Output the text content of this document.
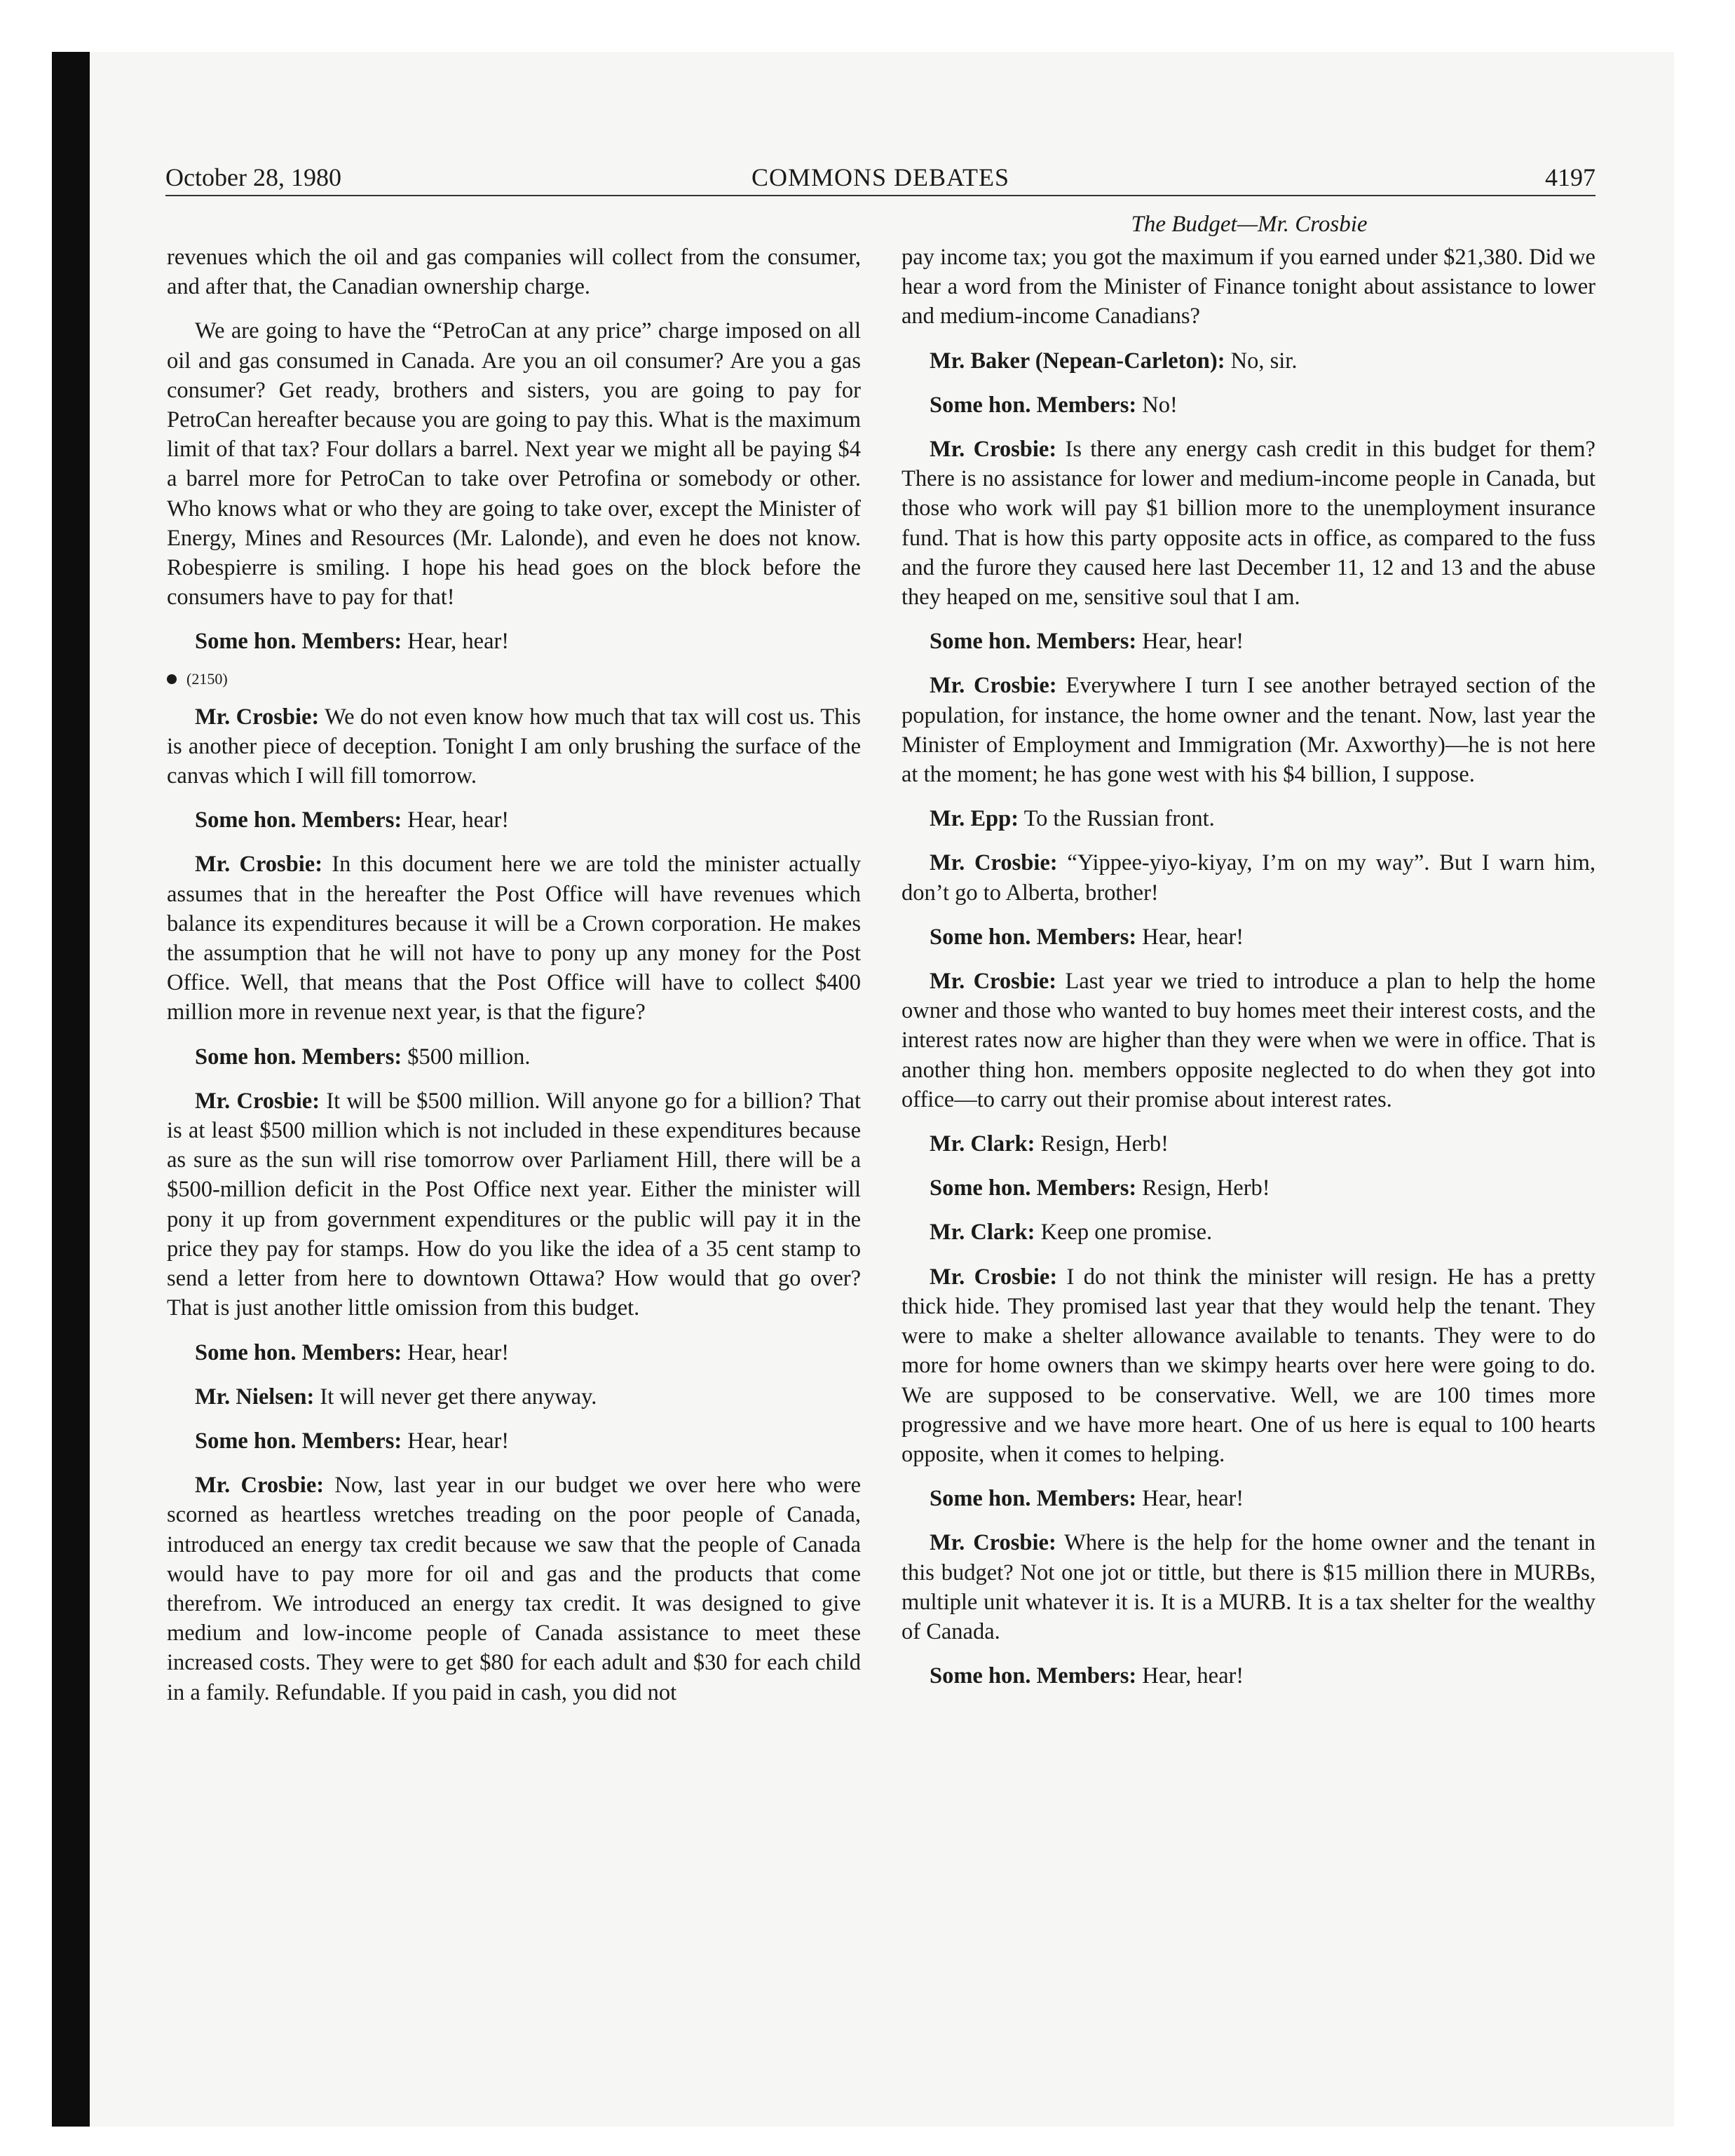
October 28, 1980	COMMONS DEBATES	4197
The Budget—Mr. Crosbie

revenues which the oil and gas companies will collect from the consumer, and after that, the Canadian ownership charge.

We are going to have the “PetroCan at any price” charge imposed on all oil and gas consumed in Canada. Are you an oil consumer? Are you a gas consumer? Get ready, brothers and sisters, you are going to pay for PetroCan hereafter because you are going to pay this. What is the maximum limit of that tax? Four dollars a barrel. Next year we might all be paying $4 a barrel more for PetroCan to take over Petrofina or somebody or other. Who knows what or who they are going to take over, except the Minister of Energy, Mines and Resources (Mr. Lalonde), and even he does not know. Robespierre is smiling. I hope his head goes on the block before the consumers have to pay for that!

Some hon. Members: Hear, hear!

(2150)

Mr. Crosbie: We do not even know how much that tax will cost us. This is another piece of deception. Tonight I am only brushing the surface of the canvas which I will fill tomorrow.

Some hon. Members: Hear, hear!

Mr. Crosbie: In this document here we are told the minister actually assumes that in the hereafter the Post Office will have revenues which balance its expenditures because it will be a Crown corporation. He makes the assumption that he will not have to pony up any money for the Post Office. Well, that means that the Post Office will have to collect $400 million more in revenue next year, is that the figure?

Some hon. Members: $500 million.

Mr. Crosbie: It will be $500 million. Will anyone go for a billion? That is at least $500 million which is not included in these expenditures because as sure as the sun will rise tomorrow over Parliament Hill, there will be a $500-million deficit in the Post Office next year. Either the minister will pony it up from government expenditures or the public will pay it in the price they pay for stamps. How do you like the idea of a 35 cent stamp to send a letter from here to downtown Ottawa? How would that go over? That is just another little omission from this budget.

Some hon. Members: Hear, hear!

Mr. Nielsen: It will never get there anyway.

Some hon. Members: Hear, hear!

Mr. Crosbie: Now, last year in our budget we over here who were scorned as heartless wretches treading on the poor people of Canada, introduced an energy tax credit because we saw that the people of Canada would have to pay more for oil and gas and the products that come therefrom. We introduced an energy tax credit. It was designed to give medium and low-income people of Canada assistance to meet these increased costs. They were to get $80 for each adult and $30 for each child in a family. Refundable. If you paid in cash, you did not

pay income tax; you got the maximum if you earned under $21,380. Did we hear a word from the Minister of Finance tonight about assistance to lower and medium-income Canadians?

Mr. Baker (Nepean-Carleton): No, sir.

Some hon. Members: No!

Mr. Crosbie: Is there any energy cash credit in this budget for them? There is no assistance for lower and medium-income people in Canada, but those who work will pay $1 billion more to the unemployment insurance fund. That is how this party opposite acts in office, as compared to the fuss and the furore they caused here last December 11, 12 and 13 and the abuse they heaped on me, sensitive soul that I am.

Some hon. Members: Hear, hear!

Mr. Crosbie: Everywhere I turn I see another betrayed section of the population, for instance, the home owner and the tenant. Now, last year the Minister of Employment and Immigration (Mr. Axworthy)—he is not here at the moment; he has gone west with his $4 billion, I suppose.

Mr. Epp: To the Russian front.

Mr. Crosbie: “Yippee-yiyo-kiyay, I’m on my way”. But I warn him, don’t go to Alberta, brother!

Some hon. Members: Hear, hear!

Mr. Crosbie: Last year we tried to introduce a plan to help the home owner and those who wanted to buy homes meet their interest costs, and the interest rates now are higher than they were when we were in office. That is another thing hon. members opposite neglected to do when they got into office—to carry out their promise about interest rates.

Mr. Clark: Resign, Herb!

Some hon. Members: Resign, Herb!

Mr. Clark: Keep one promise.

Mr. Crosbie: I do not think the minister will resign. He has a pretty thick hide. They promised last year that they would help the tenant. They were to make a shelter allowance available to tenants. They were to do more for home owners than we skimpy hearts over here were going to do. We are supposed to be conservative. Well, we are 100 times more progressive and we have more heart. One of us here is equal to 100 hearts opposite, when it comes to helping.

Some hon. Members: Hear, hear!

Mr. Crosbie: Where is the help for the home owner and the tenant in this budget? Not one jot or tittle, but there is $15 million there in MURBs, multiple unit whatever it is. It is a MURB. It is a tax shelter for the wealthy of Canada.

Some hon. Members: Hear, hear!
